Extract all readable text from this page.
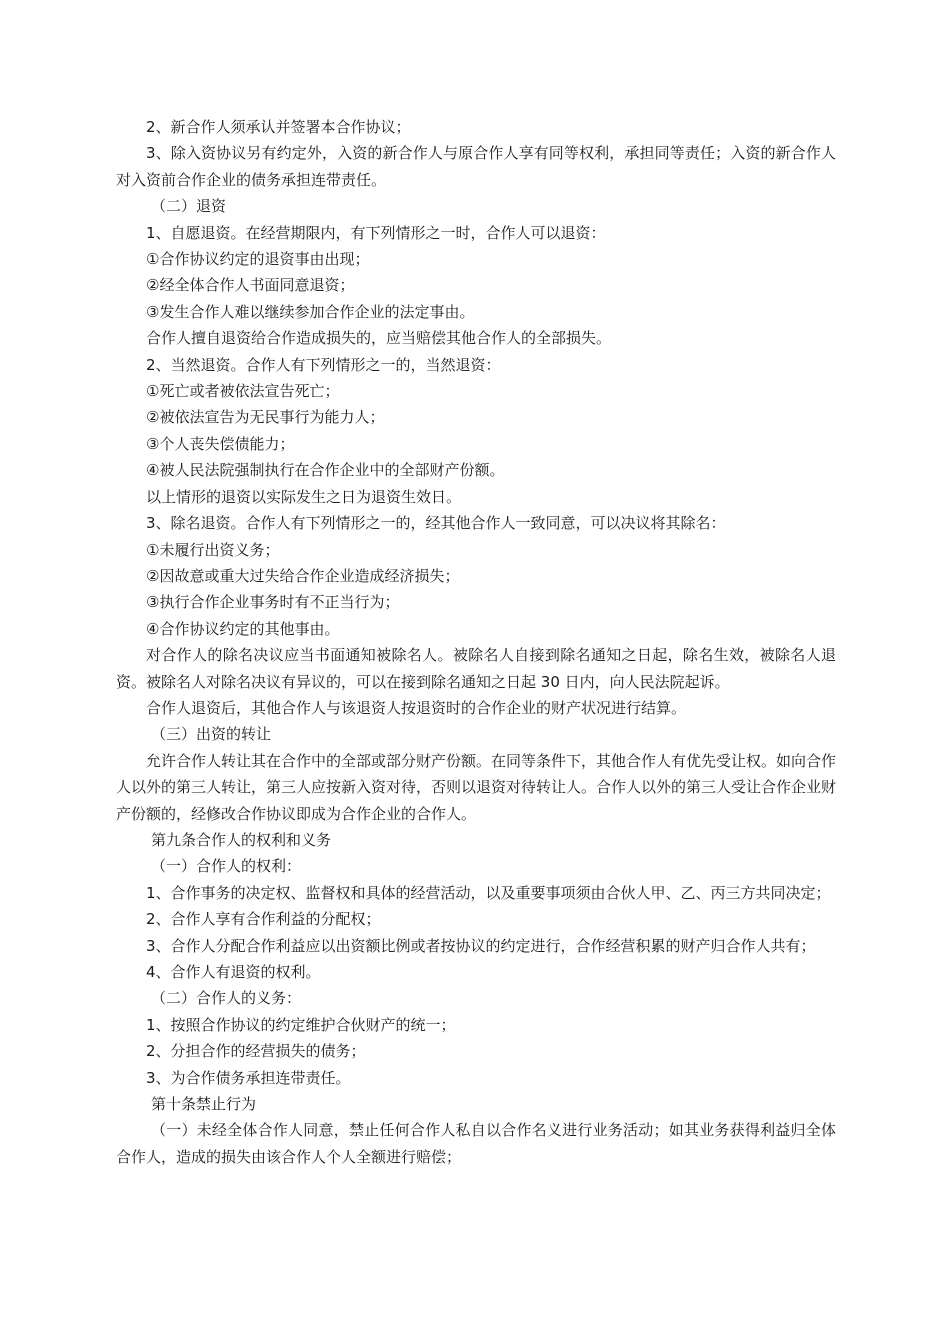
2、新合作人须承认并签署本合作协议；

3、除入资协议另有约定外，入资的新合作人与原合作人享有同等权利，承担同等责任；入资的新合作人对入资前合作企业的债务承担连带责任。

（二）退资

1、自愿退资。在经营期限内，有下列情形之一时，合作人可以退资：

①合作协议约定的退资事由出现；

②经全体合作人书面同意退资；

③发生合作人难以继续参加合作企业的法定事由。

合作人擅自退资给合作造成损失的，应当赔偿其他合作人的全部损失。

2、当然退资。合作人有下列情形之一的，当然退资：

①死亡或者被依法宣告死亡；

②被依法宣告为无民事行为能力人；

③个人丧失偿债能力；

④被人民法院强制执行在合作企业中的全部财产份额。

以上情形的退资以实际发生之日为退资生效日。

3、除名退资。合作人有下列情形之一的，经其他合作人一致同意，可以决议将其除名：

①未履行出资义务；

②因故意或重大过失给合作企业造成经济损失；

③执行合作企业事务时有不正当行为；

④合作协议约定的其他事由。

对合作人的除名决议应当书面通知被除名人。被除名人自接到除名通知之日起，除名生效，被除名人退资。被除名人对除名决议有异议的，可以在接到除名通知之日起 30 日内，向人民法院起诉。

合作人退资后，其他合作人与该退资人按退资时的合作企业的财产状况进行结算。

（三）出资的转让

允许合作人转让其在合作中的全部或部分财产份额。在同等条件下，其他合作人有优先受让权。如向合作人以外的第三人转让，第三人应按新入资对待，否则以退资对待转让人。合作人以外的第三人受让合作企业财产份额的，经修改合作协议即成为合作企业的合作人。

第九条合作人的权利和义务

（一）合作人的权利：

1、合作事务的决定权、监督权和具体的经营活动，以及重要事项须由合伙人甲、乙、丙三方共同决定；

2、合作人享有合作利益的分配权；

3、合作人分配合作利益应以出资额比例或者按协议的约定进行，合作经营积累的财产归合作人共有；

4、合作人有退资的权利。

（二）合作人的义务：

1、按照合作协议的约定维护合伙财产的统一；

2、分担合作的经营损失的债务；

3、为合作债务承担连带责任。

第十条禁止行为

（一）未经全体合作人同意，禁止任何合作人私自以合作名义进行业务活动；如其业务获得利益归全体合作人，造成的损失由该合作人个人全额进行赔偿；
